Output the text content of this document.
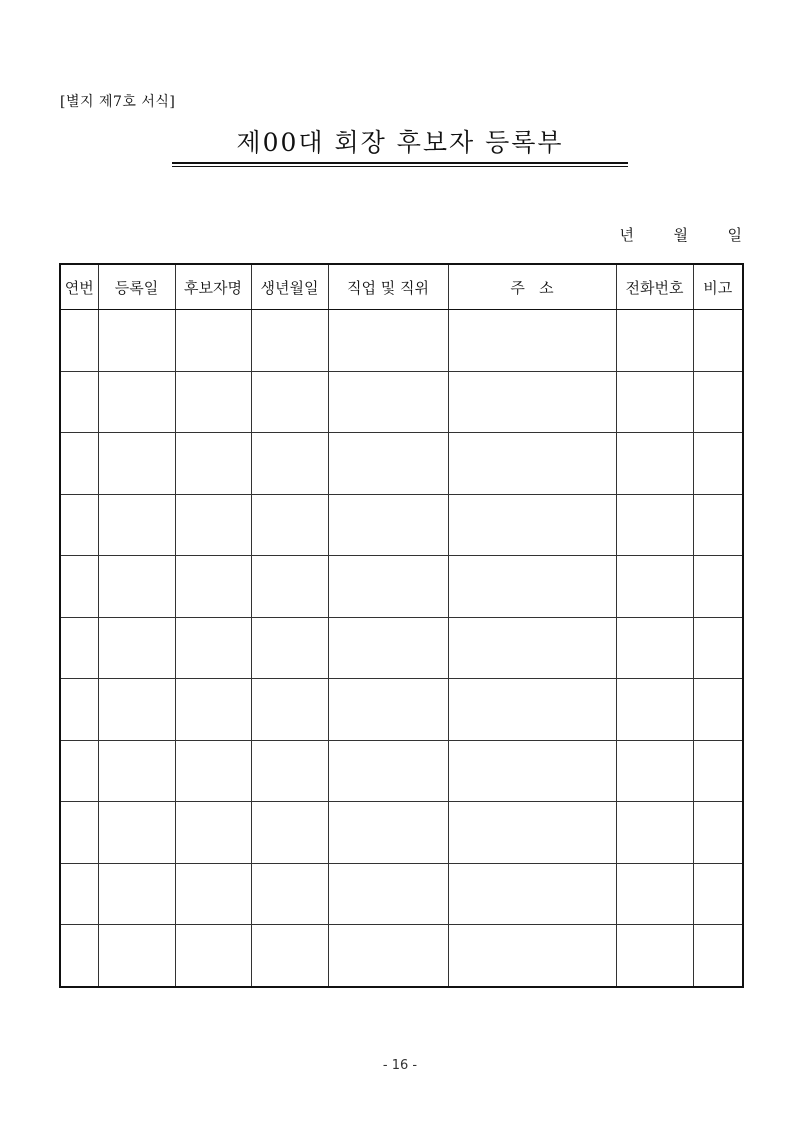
[별지 제7호 서식]
제00대 회장 후보자 등록부
년	월	일
연번	등록일	후보자명	생년월일	직업 및 직위	주   소	전화번호	비고

- 16 -
